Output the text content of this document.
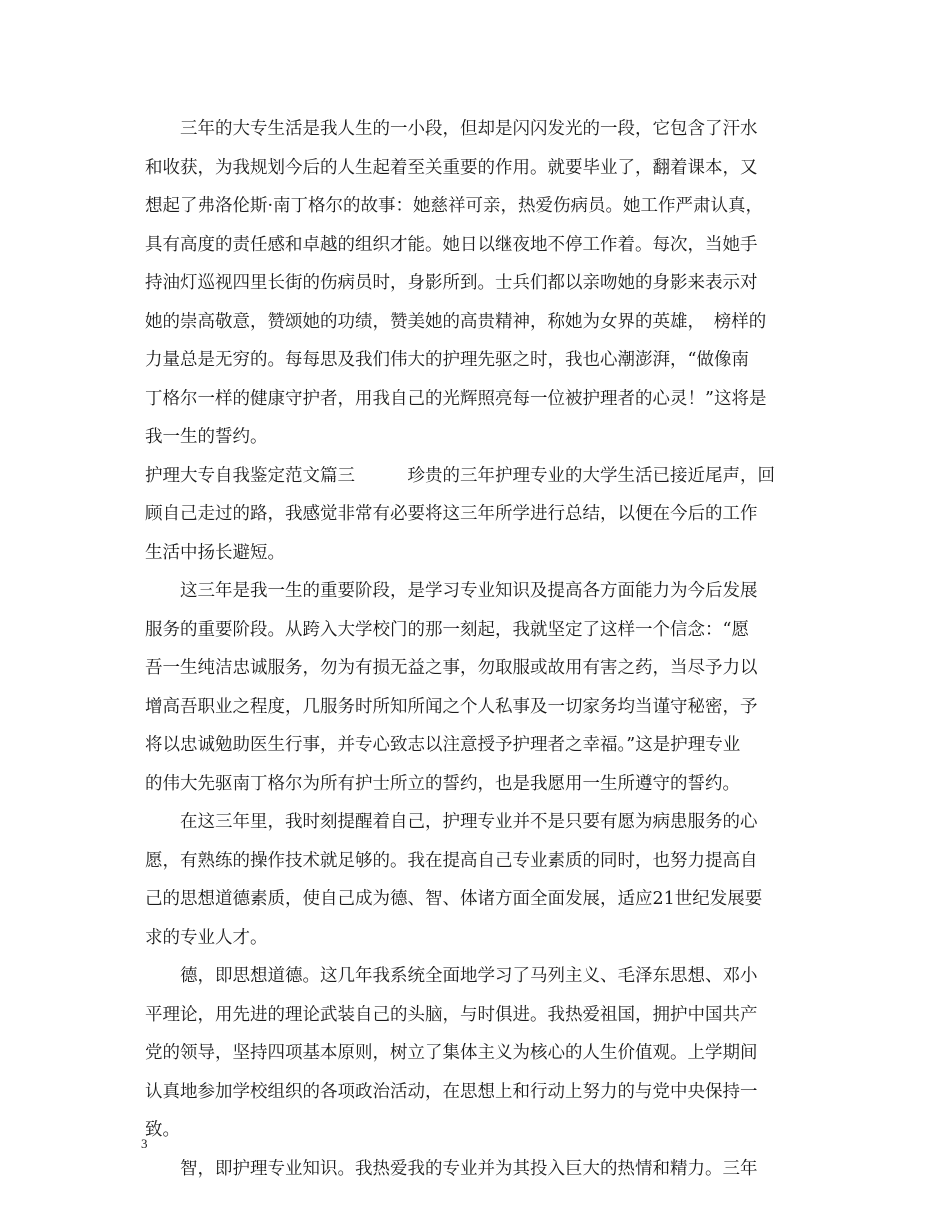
　　三年的大专生活是我人生的一小段，但却是闪闪发光的一段，它包含了汗水
和收获，为我规划今后的人生起着至关重要的作用。就要毕业了，翻着课本，又
想起了弗洛伦斯·南丁格尔的故事：她慈祥可亲，热爱伤病员。她工作严肃认真，
具有高度的责任感和卓越的组织才能。她日以继夜地不停工作着。每次，当她手
持油灯巡视四里长街的伤病员时，身影所到。士兵们都以亲吻她的身影来表示对
她的崇高敬意，赞颂她的功绩，赞美她的高贵精神，称她为女界的英雄，　榜样的
力量总是无穷的。每每思及我们伟大的护理先驱之时，我也心潮澎湃，“做像南
丁格尔一样的健康守护者，用我自己的光辉照亮每一位被护理者的心灵！”这将是
我一生的誓约。
护理大专自我鉴定范文篇三　　　珍贵的三年护理专业的大学生活已接近尾声，回
顾自己走过的路，我感觉非常有必要将这三年所学进行总结，以便在今后的工作
生活中扬长避短。
　　这三年是我一生的重要阶段，是学习专业知识及提高各方面能力为今后发展
服务的重要阶段。从跨入大学校门的那一刻起，我就坚定了这样一个信念：“愿
吾一生纯洁忠诚服务，勿为有损无益之事，勿取服或故用有害之药，当尽予力以
增高吾职业之程度，几服务时所知所闻之个人私事及一切家务均当谨守秘密，予
将以忠诚勉助医生行事，并专心致志以注意授予护理者之幸福。”这是护理专业
的伟大先驱南丁格尔为所有护士所立的誓约，也是我愿用一生所遵守的誓约。
　　在这三年里，我时刻提醒着自己，护理专业并不是只要有愿为病患服务的心
愿，有熟练的操作技术就足够的。我在提高自己专业素质的同时，也努力提高自
己的思想道德素质，使自己成为德、智、体诸方面全面发展，适应21世纪发展要
求的专业人才。
　　德，即思想道德。这几年我系统全面地学习了马列主义、毛泽东思想、邓小
平理论，用先进的理论武装自己的头脑，与时俱进。我热爱祖国，拥护中国共产
党的领导，坚持四项基本原则，树立了集体主义为核心的人生价值观。上学期间
认真地参加学校组织的各项政治活动，在思想上和行动上努力的与党中央保持一
致。
　　智，即护理专业知识。我热爱我的专业并为其投入巨大的热情和精力。三年
3
